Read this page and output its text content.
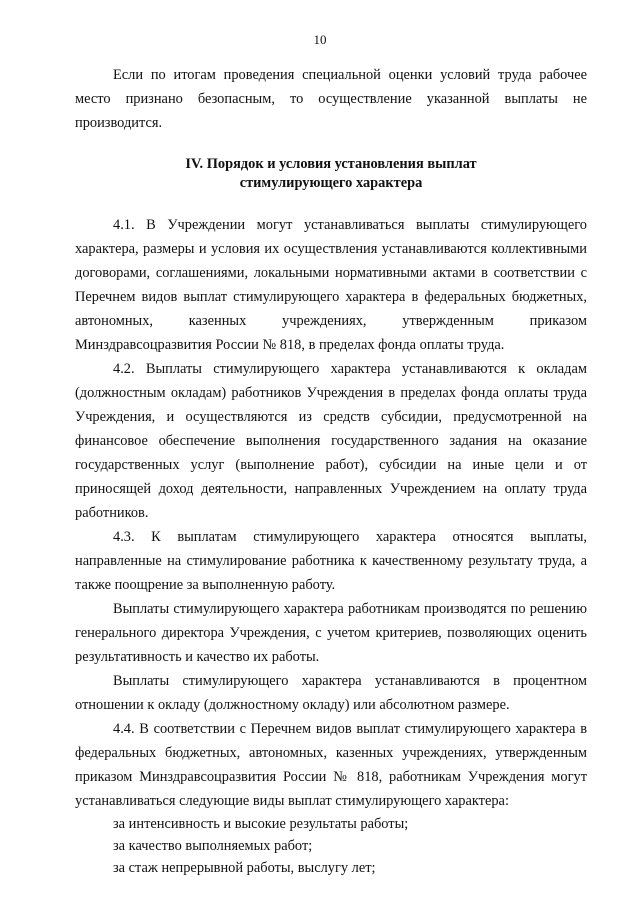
10

Если по итогам проведения специальной оценки условий труда рабочее место признано безопасным, то осуществление указанной выплаты не производится.

IV. Порядок и условия установления выплат
стимулирующего характера

4.1. В Учреждении могут устанавливаться выплаты стимулирующего характера, размеры и условия их осуществления устанавливаются коллективными договорами, соглашениями, локальными нормативными актами в соответствии с Перечнем видов выплат стимулирующего характера в федеральных бюджетных, автономных, казенных учреждениях, утвержденным приказом Минздравсоцразвития России № 818, в пределах фонда оплаты труда.

4.2. Выплаты стимулирующего характера устанавливаются к окладам (должностным окладам) работников Учреждения в пределах фонда оплаты труда Учреждения, и осуществляются из средств субсидии, предусмотренной на финансовое обеспечение выполнения государственного задания на оказание государственных услуг (выполнение работ), субсидии на иные цели и от приносящей доход деятельности, направленных Учреждением на оплату труда работников.

4.3. К выплатам стимулирующего характера относятся выплаты, направленные на стимулирование работника к качественному результату труда, а также поощрение за выполненную работу.

Выплаты стимулирующего характера работникам производятся по решению генерального директора Учреждения, с учетом критериев, позволяющих оценить результативность и качество их работы.

Выплаты стимулирующего характера устанавливаются в процентном отношении к окладу (должностному окладу) или абсолютном размере.

4.4. В соответствии с Перечнем видов выплат стимулирующего характера в федеральных бюджетных, автономных, казенных учреждениях, утвержденным приказом Минздравсоцразвития России № 818, работникам Учреждения могут устанавливаться следующие виды выплат стимулирующего характера:

за интенсивность и высокие результаты работы;

за качество выполняемых работ;

за стаж непрерывной работы, выслугу лет;
